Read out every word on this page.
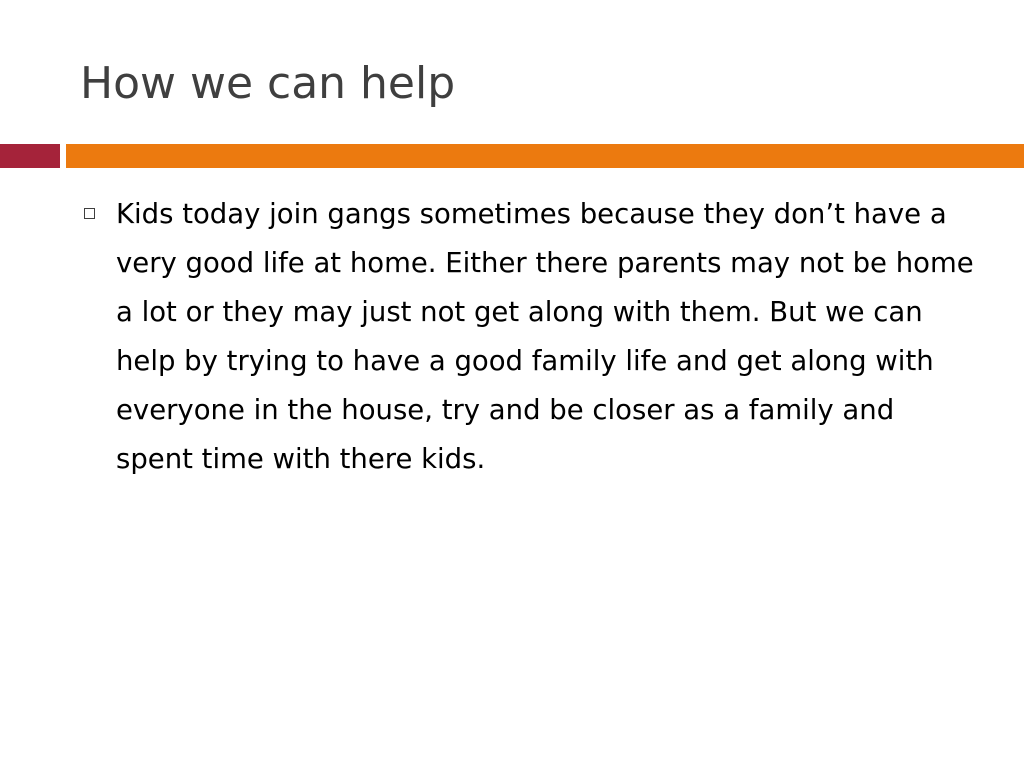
How we can help
Kids today join gangs sometimes because they don’t have a very good life at home. Either there parents may not be home a lot or they may just not get along with them. But we can help by trying to have a good family life and get along with everyone in the house, try and be closer as a family and spent time with there kids.
